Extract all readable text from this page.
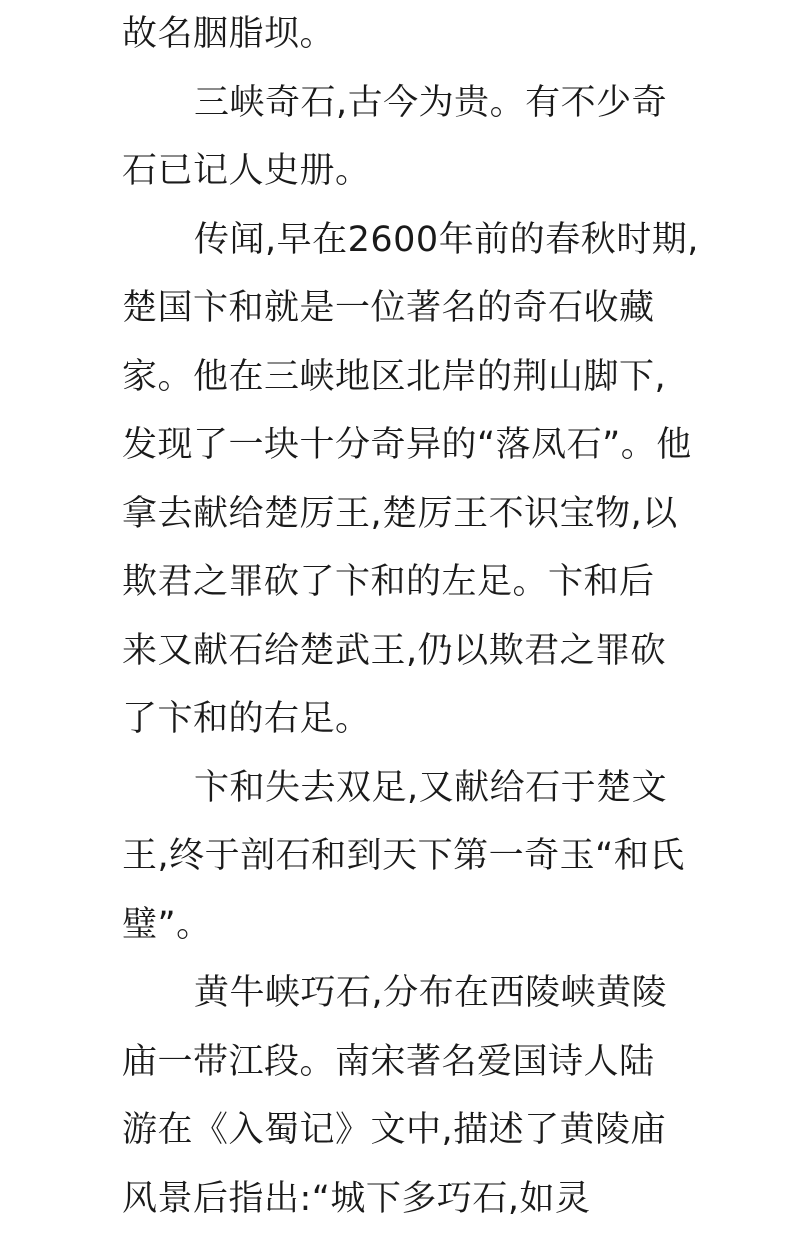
故名胭脂坝。
三峡奇石,古今为贵。有不少奇
石已记人史册。
传闻,早在2600年前的春秋时期,
楚国卞和就是一位著名的奇石收藏
家。他在三峡地区北岸的荆山脚下,
发现了一块十分奇异的“落凤石”。他
拿去献给楚厉王,楚厉王不识宝物,以
欺君之罪砍了卞和的左足。卞和后
来又献石给楚武王,仍以欺君之罪砍
了卞和的右足。
卞和失去双足,又献给石于楚文
王,终于剖石和到天下第一奇玉“和氏
璧”。
黄牛峡巧石,分布在西陵峡黄陵
庙一带江段。南宋著名爱国诗人陆
游在《入蜀记》文中,描述了黄陵庙
风景后指出:“城下多巧石,如灵
